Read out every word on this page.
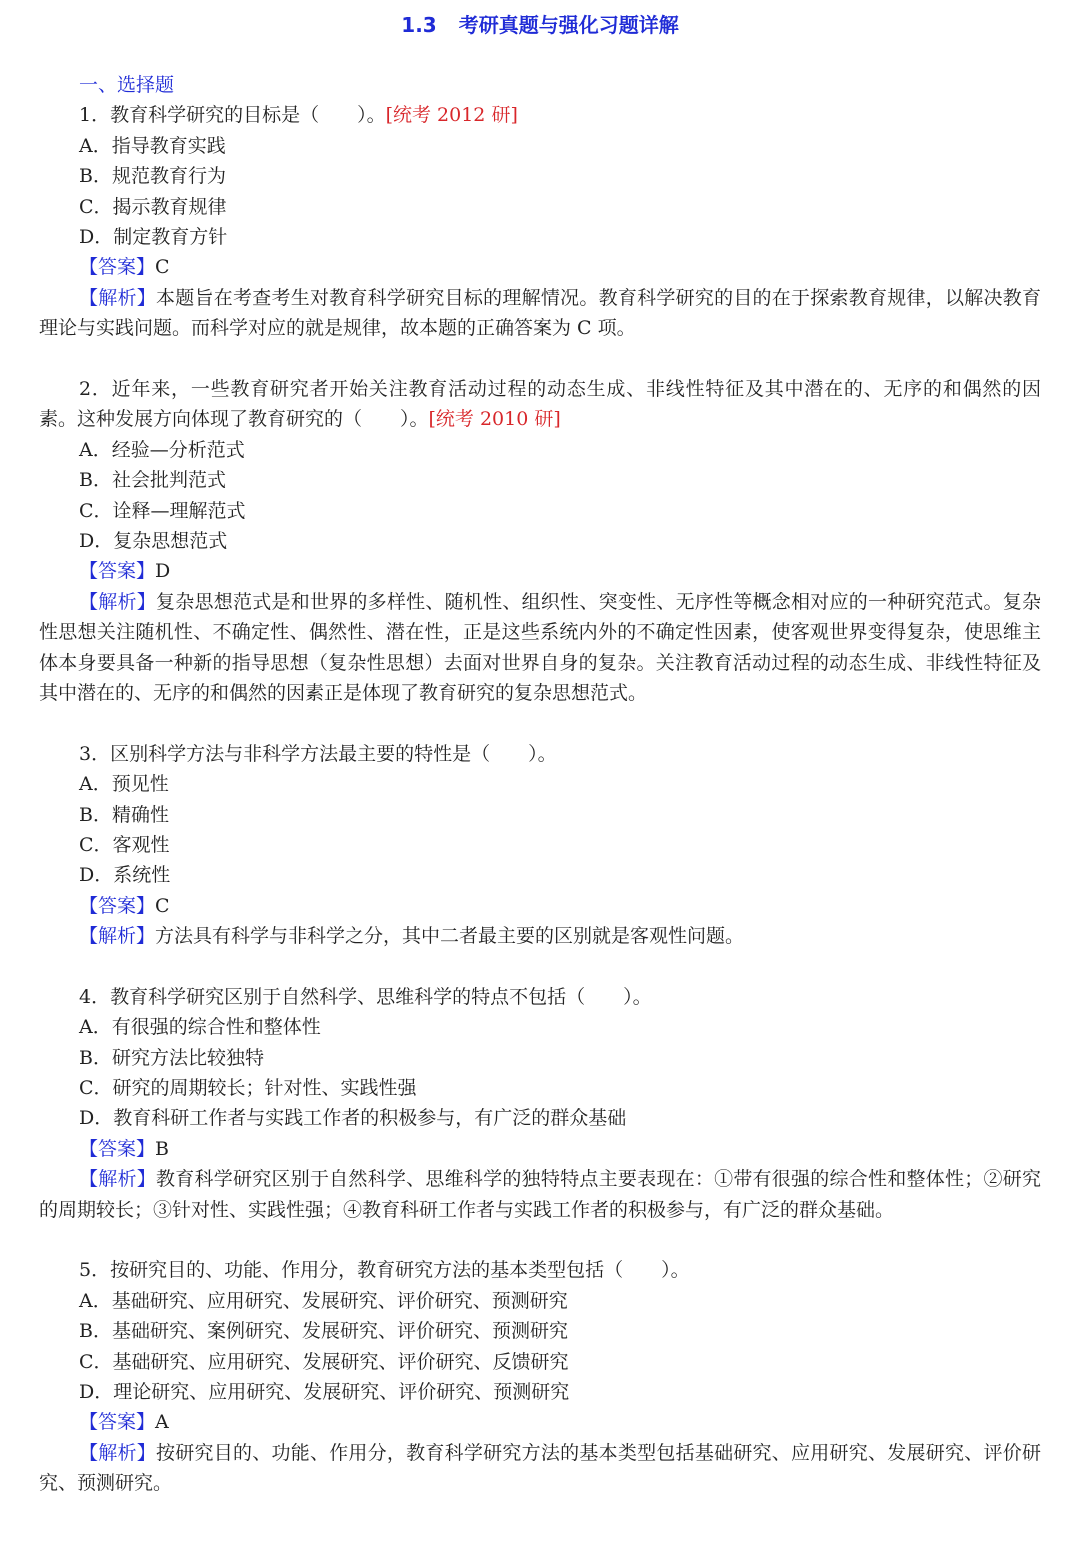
1.3 考研真题与强化习题详解
一、选择题
1．教育科学研究的目标是（　　）。[统考 2012 研]
A．指导教育实践
B．规范教育行为
C．揭示教育规律
D．制定教育方针
【答案】C
【解析】本题旨在考查考生对教育科学研究目标的理解情况。教育科学研究的目的在于探索教育规律，以解决教育理论与实践问题。而科学对应的就是规律，故本题的正确答案为 C 项。
2．近年来，一些教育研究者开始关注教育活动过程的动态生成、非线性特征及其中潜在的、无序的和偶然的因素。这种发展方向体现了教育研究的（　　）。[统考 2010 研]
A．经验—分析范式
B．社会批判范式
C．诠释—理解范式
D．复杂思想范式
【答案】D
【解析】复杂思想范式是和世界的多样性、随机性、组织性、突变性、无序性等概念相对应的一种研究范式。复杂性思想关注随机性、不确定性、偶然性、潜在性，正是这些系统内外的不确定性因素，使客观世界变得复杂，使思维主体本身要具备一种新的指导思想（复杂性思想）去面对世界自身的复杂。关注教育活动过程的动态生成、非线性特征及其中潜在的、无序的和偶然的因素正是体现了教育研究的复杂思想范式。
3．区别科学方法与非科学方法最主要的特性是（　　）。
A．预见性
B．精确性
C．客观性
D．系统性
【答案】C
【解析】方法具有科学与非科学之分，其中二者最主要的区别就是客观性问题。
4．教育科学研究区别于自然科学、思维科学的特点不包括（　　）。
A．有很强的综合性和整体性
B．研究方法比较独特
C．研究的周期较长；针对性、实践性强
D．教育科研工作者与实践工作者的积极参与，有广泛的群众基础
【答案】B
【解析】教育科学研究区别于自然科学、思维科学的独特特点主要表现在：①带有很强的综合性和整体性；②研究的周期较长；③针对性、实践性强；④教育科研工作者与实践工作者的积极参与，有广泛的群众基础。
5．按研究目的、功能、作用分，教育研究方法的基本类型包括（　　）。
A．基础研究、应用研究、发展研究、评价研究、预测研究
B．基础研究、案例研究、发展研究、评价研究、预测研究
C．基础研究、应用研究、发展研究、评价研究、反馈研究
D．理论研究、应用研究、发展研究、评价研究、预测研究
【答案】A
【解析】按研究目的、功能、作用分，教育科学研究方法的基本类型包括基础研究、应用研究、发展研究、评价研究、预测研究。
